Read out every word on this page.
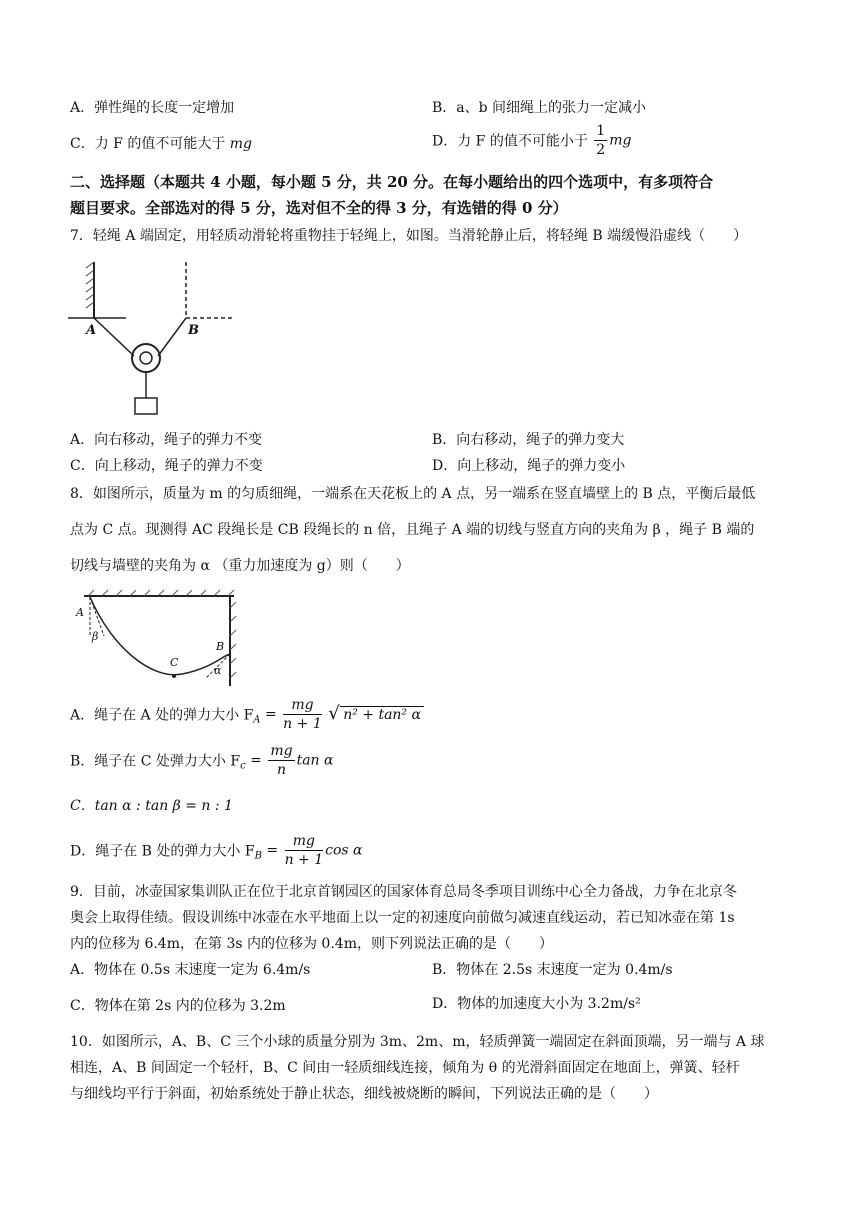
A．弹性绳的长度一定增加	B．a、b 间细绳上的张力一定减小
C．力 F 的值不可能大于 mg	D．力 F 的值不可能小于 $\frac{1}{2}$ mg
二、选择题（本题共 4 小题，每小题 5 分，共 20 分。在每小题给出的四个选项中，有多项符合
题目要求。全部选对的得 5 分，选对但不全的得 3 分，有选错的得 0 分）
7．轻绳 A 端固定，用轻质动滑轮将重物挂于轻绳上，如图。当滑轮静止后，将轻绳 B 端缓慢沿虚线（　　）
A	B
A．向右移动，绳子的弹力不变	B．向右移动，绳子的弹力变大
C．向上移动，绳子的弹力不变	D．向上移动，绳子的弹力变小
8．如图所示，质量为 m 的匀质细绳，一端系在天花板上的 A 点，另一端系在竖直墙壁上的 B 点，平衡后最低
点为 C 点。现测得 AC 段绳长是 CB 段绳长的 n 倍，且绳子 A 端的切线与竖直方向的夹角为 β ，绳子 B 端的
切线与墙壁的夹角为 α （重力加速度为 g）则（　　）
A
β
C
B
α
A．绳子在 A 处的弹力大小 $F_A = \frac{mg}{n + 1}$
√ n² + tan² α
B．绳子在 C 处弹力大小 $F_c = \frac{mg}{n}$ tan α
C．tan α : tan β = n : 1
D．绳子在 B 处的弹力大小 $F_B = \frac{mg}{n + 1}$ cos α
9．目前，冰壶国家集训队正在位于北京首钢园区的国家体育总局冬季项目训练中心全力备战，力争在北京冬
奥会上取得佳绩。假设训练中冰壶在水平地面上以一定的初速度向前做匀减速直线运动，若已知冰壶在第 1s
内的位移为 6.4m，在第 3s 内的位移为 0.4m，则下列说法正确的是（　　）
A．物体在 0.5s 末速度一定为 6.4m/s	B．物体在 2.5s 末速度一定为 0.4m/s
C．物体在第 2s 内的位移为 3.2m	D．物体的加速度大小为 3.2m/s²
10．如图所示，A、B、C 三个小球的质量分别为 3m、2m、m，轻质弹簧一端固定在斜面顶端，另一端与 A 球
相连，A、B 间固定一个轻杆，B、C 间由一轻质细线连接，倾角为 θ 的光滑斜面固定在地面上，弹簧、轻杆
与细线均平行于斜面，初始系统处于静止状态，细线被烧断的瞬间，下列说法正确的是（　　）
